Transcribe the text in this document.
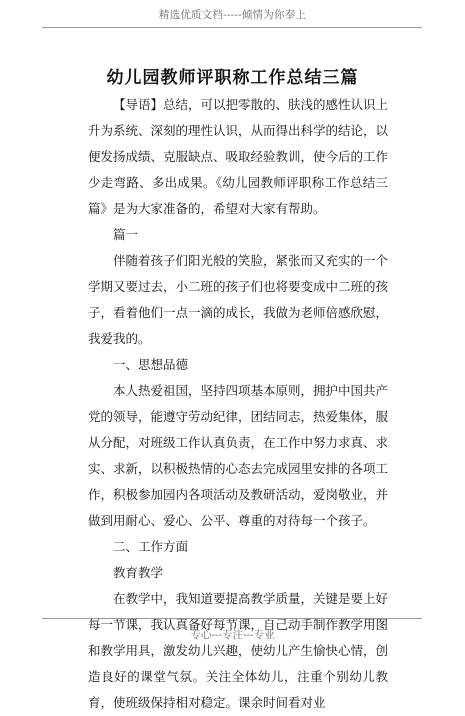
精选优质文档-----倾情为你奉上
幼儿园教师评职称工作总结三篇
【导语】总结，可以把零散的、肤浅的感性认识上升为系统、深刻的理性认识，从而得出科学的结论，以便发扬成绩、克服缺点、吸取经验教训，使今后的工作少走弯路、多出成果。《幼儿园教师评职称工作总结三篇》是为大家准备的，希望对大家有帮助。
篇一
伴随着孩子们阳光般的笑脸，紧张而又充实的一个学期又要过去，小二班的孩子们也将要变成中二班的孩子，看着他们一点一滴的成长，我做为老师倍感欣慰，我爱我的。
一、思想品德
本人热爱祖国，坚持四项基本原则，拥护中国共产党的领导，能遵守劳动纪律，团结同志，热爱集体，服从分配，对班级工作认真负责，在工作中努力求真、求实、求新，以积极热情的心态去完成园里安排的各项工作，积极参加园内各项活动及教研活动，爱岗敬业，并做到用耐心、爱心、公平、尊重的对待每一个孩子。
二、工作方面
教育教学
在教学中，我知道要提高教学质量，关键是要上好每一节课，我认真备好每节课，自己动手制作教学用图和教学用具，激发幼儿兴趣，使幼儿产生愉快心情，创造良好的课堂气氛。关注全体幼儿，注重个别幼儿教育，使班级保持相对稳定。课余时间看对业
专心---专注---专业
